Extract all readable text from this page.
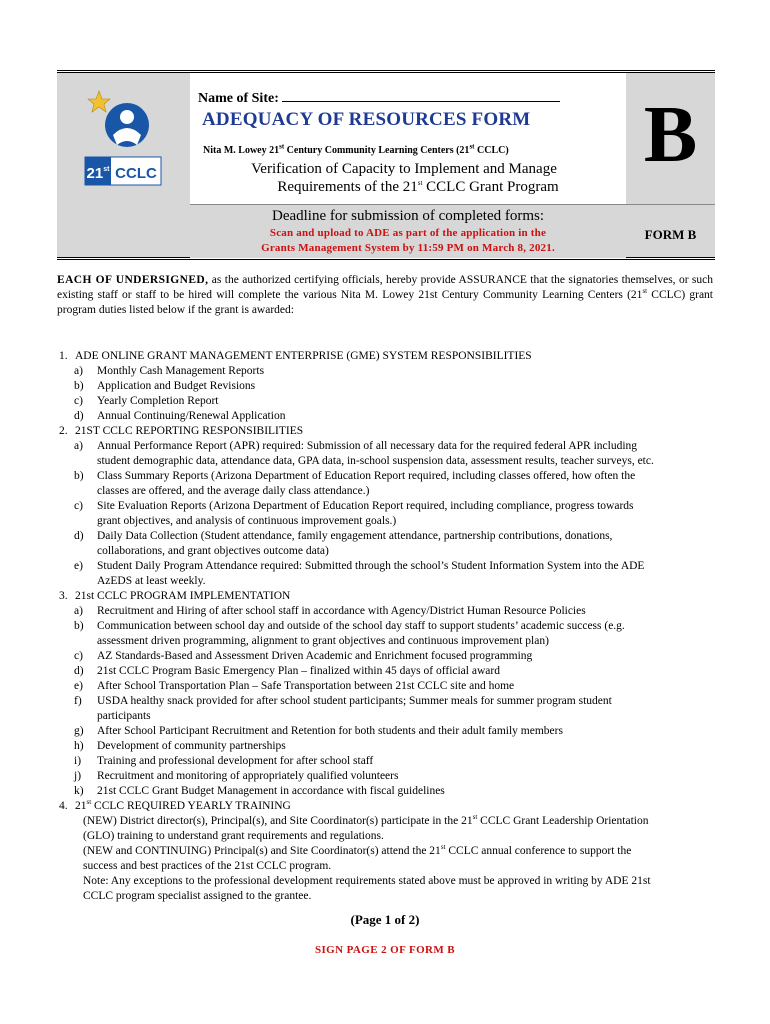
21st CCLC
Name of Site:
ADEQUACY OF RESOURCES FORM
Nita M. Lowey 21st Century Community Learning Centers (21st CCLC)
Verification of Capacity to Implement and Manage
Requirements of the 21st CCLC Grant Program
Deadline for submission of completed forms:
Scan and upload to ADE as part of the application in the
Grants Management System by 11:59 PM on March 8, 2021.
B
FORM B
EACH OF UNDERSIGNED, as the authorized certifying officials, hereby provide ASSURANCE that the signatories themselves, or such existing staff or staff to be hired will complete the various Nita M. Lowey 21st Century Community Learning Centers (21st CCLC) grant program duties listed below if the grant is awarded:
1. ADE ONLINE GRANT MANAGEMENT ENTERPRISE (GME) SYSTEM RESPONSIBILITIES
a) Monthly Cash Management Reports
b) Application and Budget Revisions
c) Yearly Completion Report
d) Annual Continuing/Renewal Application
2. 21ST CCLC REPORTING RESPONSIBILITIES
a) Annual Performance Report (APR) required: Submission of all necessary data for the required federal APR including
student demographic data, attendance data, GPA data, in-school suspension data, assessment results, teacher surveys, etc.
b) Class Summary Reports (Arizona Department of Education Report required, including classes offered, how often the
classes are offered, and the average daily class attendance.)
c) Site Evaluation Reports (Arizona Department of Education Report required, including compliance, progress towards
grant objectives, and analysis of continuous improvement goals.)
d) Daily Data Collection (Student attendance, family engagement attendance, partnership contributions, donations,
collaborations, and grant objectives outcome data)
e) Student Daily Program Attendance required: Submitted through the school’s Student Information System into the ADE
AzEDS at least weekly.
3. 21st CCLC PROGRAM IMPLEMENTATION
a) Recruitment and Hiring of after school staff in accordance with Agency/District Human Resource Policies
b) Communication between school day and outside of the school day staff to support students’ academic success (e.g.
assessment driven programming, alignment to grant objectives and continuous improvement plan)
c) AZ Standards-Based and Assessment Driven Academic and Enrichment focused programming
d) 21st CCLC Program Basic Emergency Plan – finalized within 45 days of official award
e) After School Transportation Plan – Safe Transportation between 21st CCLC site and home
f) USDA healthy snack provided for after school student participants; Summer meals for summer program student
participants
g) After School Participant Recruitment and Retention for both students and their adult family members
h) Development of community partnerships
i) Training and professional development for after school staff
j) Recruitment and monitoring of appropriately qualified volunteers
k) 21st CCLC Grant Budget Management in accordance with fiscal guidelines
4. 21st CCLC REQUIRED YEARLY TRAINING
(NEW) District director(s), Principal(s), and Site Coordinator(s) participate in the 21st CCLC Grant Leadership Orientation
(GLO) training to understand grant requirements and regulations.
(NEW and CONTINUING) Principal(s) and Site Coordinator(s) attend the 21st CCLC annual conference to support the
success and best practices of the 21st CCLC program.
Note: Any exceptions to the professional development requirements stated above must be approved in writing by ADE 21st
CCLC program specialist assigned to the grantee.
(Page 1 of 2)
SIGN PAGE 2 OF FORM B
